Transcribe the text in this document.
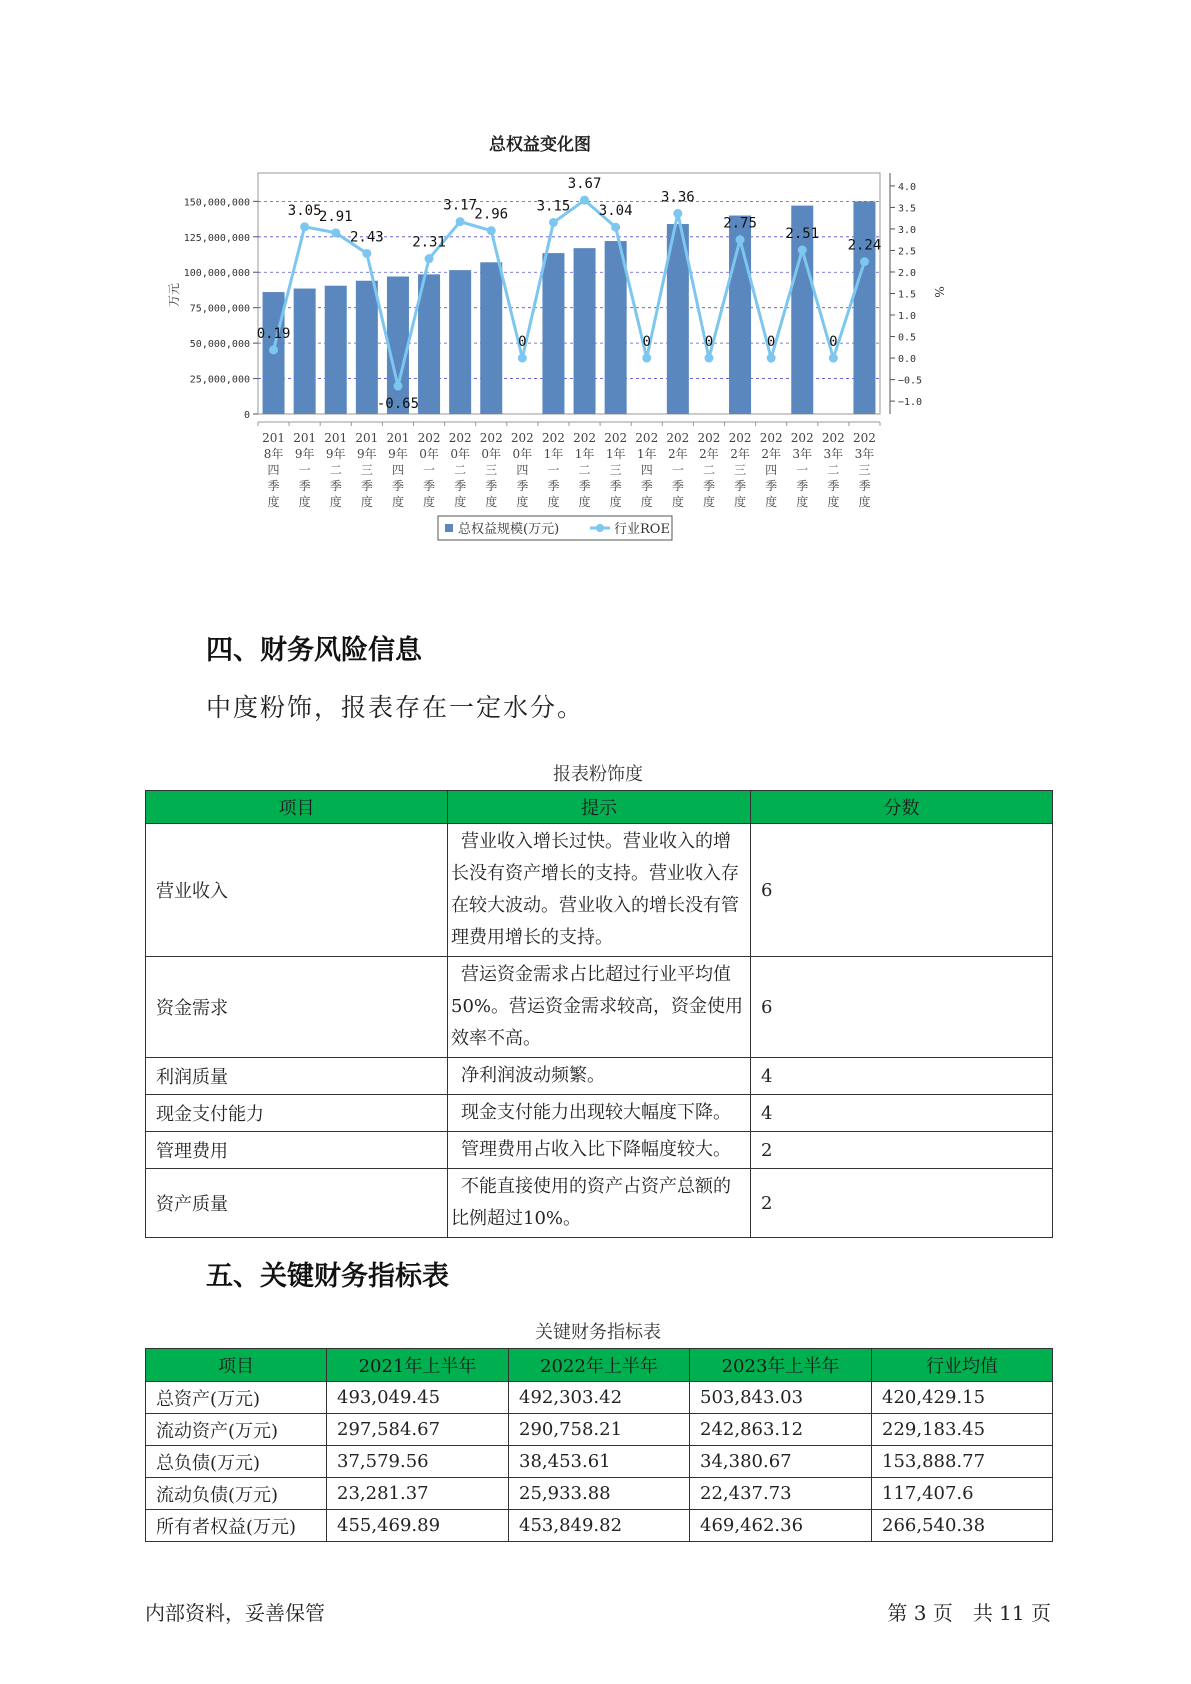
总权益变化图
0
25,000,000
50,000,000
75,000,000
100,000,000
125,000,000
150,000,000
万元
−1.0
−0.5
0.0
0.5
1.0
1.5
2.0
2.5
3.0
3.5
4.0
%
0.19
3.05
2.91
2.43
-0.65
2.31
3.17
2.96
0
3.15
3.67
3.04
0
3.36
0
2.75
0
2.51
0
2.24
201
8年
四
季
度
201
9年
一
季
度
201
9年
二
季
度
201
9年
三
季
度
201
9年
四
季
度
202
0年
一
季
度
202
0年
二
季
度
202
0年
三
季
度
202
0年
四
季
度
202
1年
一
季
度
202
1年
二
季
度
202
1年
三
季
度
202
1年
四
季
度
202
2年
一
季
度
202
2年
二
季
度
202
2年
三
季
度
202
2年
四
季
度
202
3年
一
季
度
202
3年
二
季
度
202
3年
三
季
度
总权益规模(万元)	行业ROE
四、财务风险信息
中度粉饰，报表存在一定水分。
报表粉饰度
项目	提示	分数
营业收入	营业收入增长过快。营业收入的增长没有资产增长的支持。营业收入存在较大波动。营业收入的增长没有管理费用增长的支持。	6
资金需求	营运资金需求占比超过行业平均值50%。营运资金需求较高，资金使用效率不高。	6
利润质量	净利润波动频繁。	4
现金支付能力	现金支付能力出现较大幅度下降。	4
管理费用	管理费用占收入比下降幅度较大。	2
资产质量	不能直接使用的资产占资产总额的比例超过10%。	2
五、关键财务指标表
关键财务指标表
项目	2021年上半年	2022年上半年	2023年上半年	行业均值
总资产(万元)	493,049.45	492,303.42	503,843.03	420,429.15
流动资产(万元)	297,584.67	290,758.21	242,863.12	229,183.45
总负债(万元)	37,579.56	38,453.61	34,380.67	153,888.77
流动负债(万元)	23,281.37	25,933.88	22,437.73	117,407.6
所有者权益(万元)	455,469.89	453,849.82	469,462.36	266,540.38
内部资料，妥善保管	第 3 页　共 11 页
